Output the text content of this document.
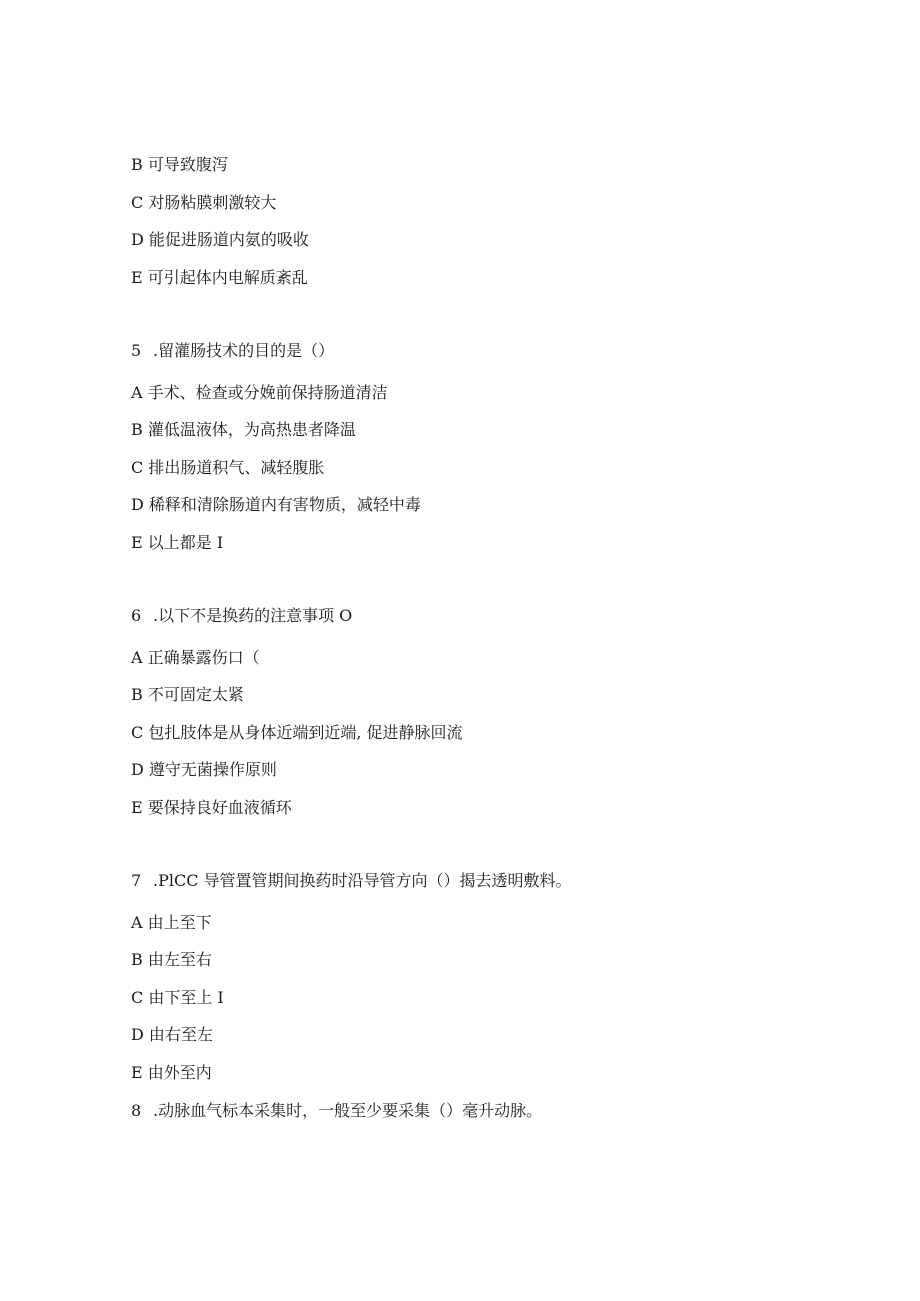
B 可导致腹泻
C 对肠粘膜刺激较大
D 能促进肠道内氨的吸收
E 可引起体内电解质紊乱
5 .留灌肠技术的目的是（）
A 手术、检查或分娩前保持肠道清洁
B 灌低温液体，为高热患者降温
C 排出肠道积气、减轻腹胀
D 稀释和清除肠道内有害物质，减轻中毒
E 以上都是 I
6 .以下不是换药的注意事项 O
A 正确暴露伤口（
B 不可固定太紧
C 包扎肢体是从身体近端到近端, 促进静脉回流
D 遵守无菌操作原则
E 要保持良好血液循环
7 .PlCC 导管置管期间换药时沿导管方向（）揭去透明敷料。
A 由上至下
B 由左至右
C 由下至上 I
D 由右至左
E 由外至内
8 .动脉血气标本采集时，一般至少要采集（）毫升动脉。
